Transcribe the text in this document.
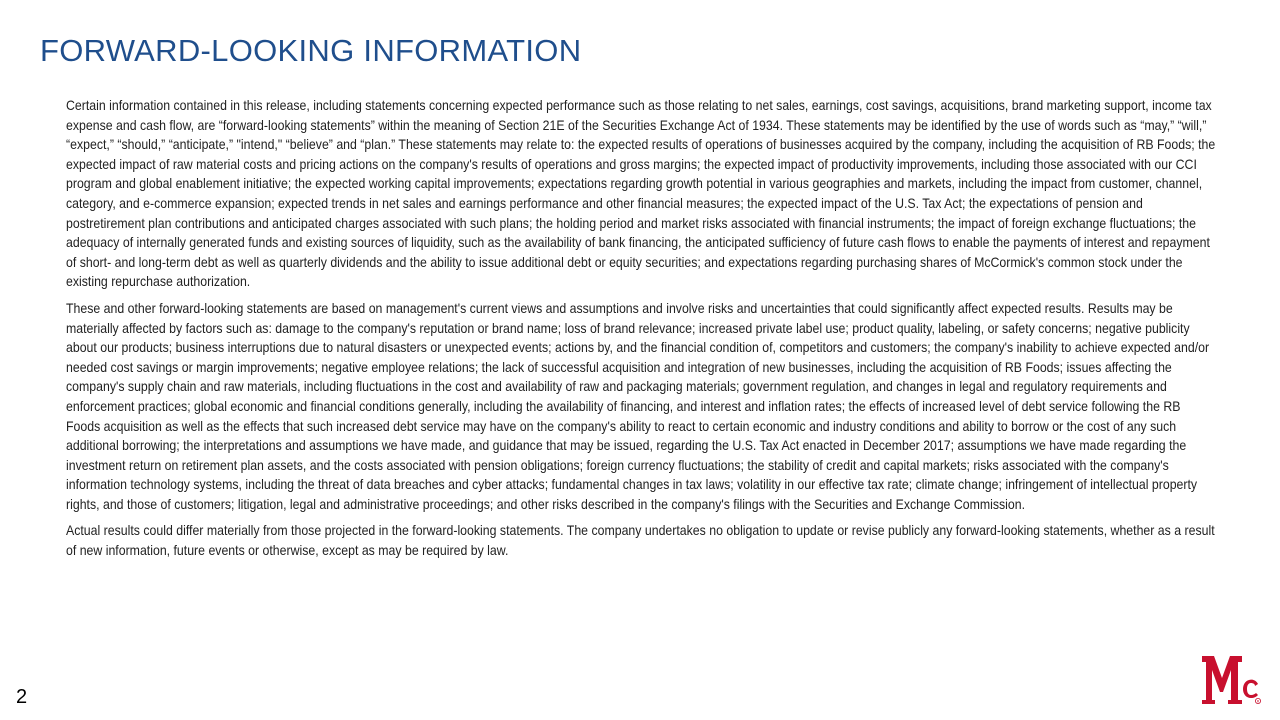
FORWARD-LOOKING INFORMATION

Certain information contained in this release, including statements concerning expected performance such as those relating to net sales, earnings, cost savings, acquisitions, brand marketing support, income tax expense and cash flow, are “forward-looking statements” within the meaning of Section 21E of the Securities Exchange Act of 1934. These statements may be identified by the use of words such as “may,” “will,” “expect,” “should,” “anticipate,” "intend," “believe” and “plan.” These statements may relate to: the expected results of operations of businesses acquired by the company, including the acquisition of RB Foods; the expected impact of raw material costs and pricing actions on the company's results of operations and gross margins; the expected impact of productivity improvements, including those associated with our CCI program and global enablement initiative; the expected working capital improvements; expectations regarding growth potential in various geographies and markets, including the impact from customer, channel, category, and e-commerce expansion; expected trends in net sales and earnings performance and other financial measures; the expected impact of the U.S. Tax Act; the expectations of pension and postretirement plan contributions and anticipated charges associated with such plans; the holding period and market risks associated with financial instruments; the impact of foreign exchange fluctuations; the adequacy of internally generated funds and existing sources of liquidity, such as the availability of bank financing, the anticipated sufficiency of future cash flows to enable the payments of interest and repayment of short- and long-term debt as well as quarterly dividends and the ability to issue additional debt or equity securities; and expectations regarding purchasing shares of McCormick's common stock under the existing repurchase authorization.

These and other forward-looking statements are based on management's current views and assumptions and involve risks and uncertainties that could significantly affect expected results. Results may be materially affected by factors such as: damage to the company's reputation or brand name; loss of brand relevance; increased private label use; product quality, labeling, or safety concerns; negative publicity about our products; business interruptions due to natural disasters or unexpected events; actions by, and the financial condition of, competitors and customers; the company's inability to achieve expected and/or needed cost savings or margin improvements; negative employee relations; the lack of successful acquisition and integration of new businesses, including the acquisition of RB Foods; issues affecting the company's supply chain and raw materials, including fluctuations in the cost and availability of raw and packaging materials; government regulation, and changes in legal and regulatory requirements and enforcement practices; global economic and financial conditions generally, including the availability of financing, and interest and inflation rates; the effects of increased level of debt service following the RB Foods acquisition as well as the effects that such increased debt service may have on the company's ability to react to certain economic and industry conditions and ability to borrow or the cost of any such additional borrowing; the interpretations and assumptions we have made, and guidance that may be issued, regarding the U.S. Tax Act enacted in December 2017; assumptions we have made regarding the investment return on retirement plan assets, and the costs associated with pension obligations; foreign currency fluctuations; the stability of credit and capital markets; risks associated with the company's information technology systems, including the threat of data breaches and cyber attacks; fundamental changes in tax laws; volatility in our effective tax rate; climate change; infringement of intellectual property rights, and those of customers; litigation, legal and administrative proceedings; and other risks described in the company's filings with the Securities and Exchange Commission.

Actual results could differ materially from those projected in the forward-looking statements. The company undertakes no obligation to update or revise publicly any forward-looking statements, whether as a result of new information, future events or otherwise, except as may be required by law.

2	R
